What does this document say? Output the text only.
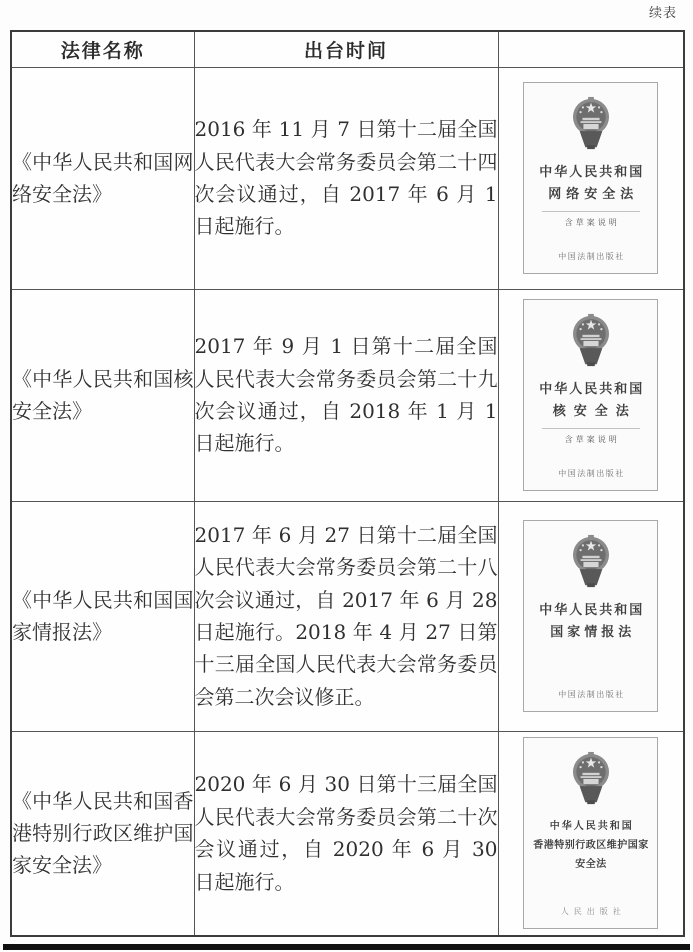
续表
法律名称	出台时间	
《中华人民共和国网络安全法》	2016 年 11 月 7 日第十二届全国人民代表大会常务委员会第二十四次会议通过，自 2017 年 6 月 1 日起施行。	中华人民共和国
网络安全法
含草案说明
中国法制出版社

《中华人民共和国核安全法》	2017 年 9 月 1 日第十二届全国人民代表大会常务委员会第二十九次会议通过，自 2018 年 1 月 1 日起施行。	中华人民共和国
核安全法
含草案说明
中国法制出版社

《中华人民共和国国家情报法》	2017 年 6 月 27 日第十二届全国人民代表大会常务委员会第二十八次会议通过，自 2017 年 6 月 28 日起施行。2018 年 4 月 27 日第十三届全国人民代表大会常务委员会第二次会议修正。	中华人民共和国
国家情报法
中国法制出版社

《中华人民共和国香港特别行政区维护国家安全法》	2020 年 6 月 30 日第十三届全国人民代表大会常务委员会第二十次会议通过，自 2020 年 6 月 30 日起施行。	中华人民共和国
香港特别行政区维护国家安全法
人民出版社
